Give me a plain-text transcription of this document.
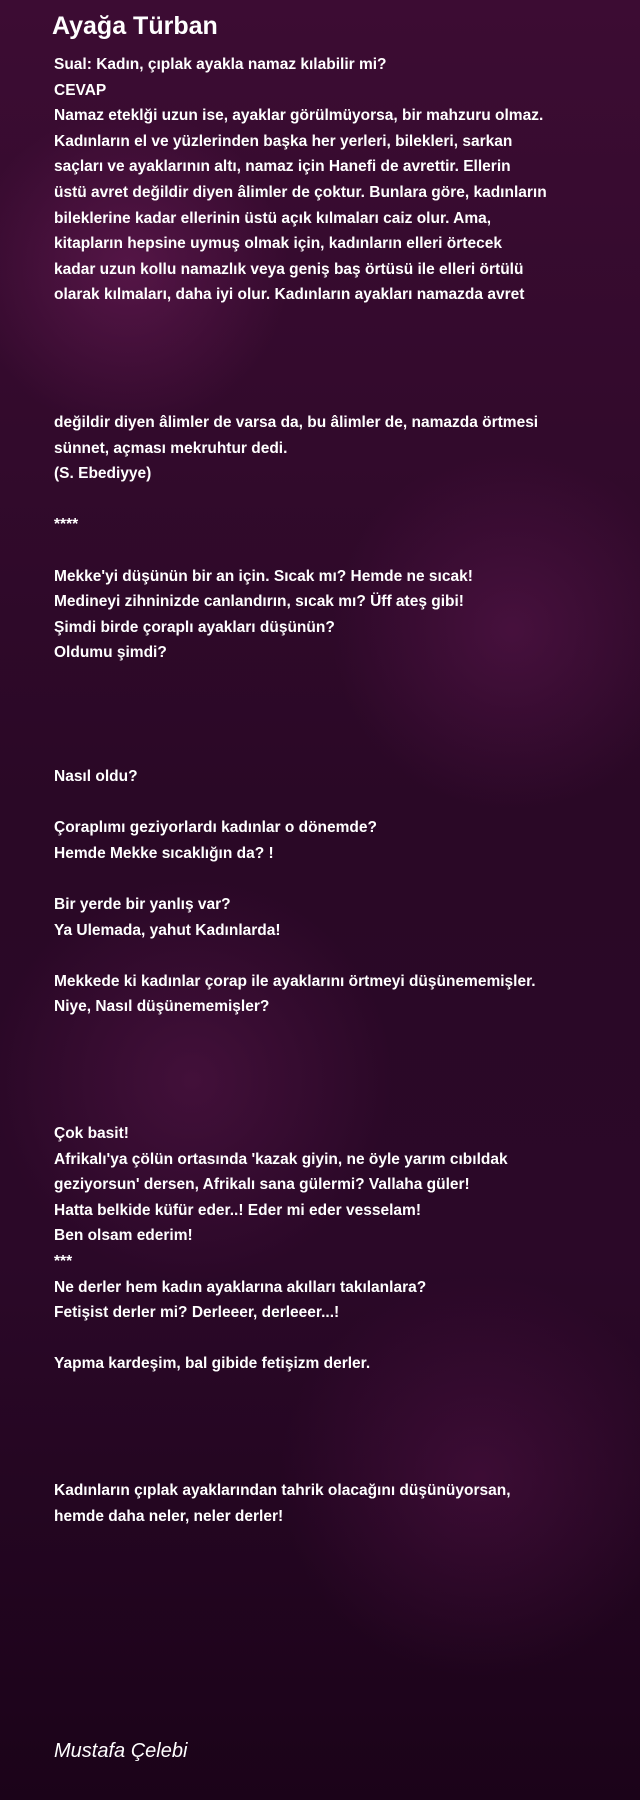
Ayağa Türban

Sual: Kadın, çıplak ayakla namaz kılabilir mi?
CEVAP
Namaz eteklği uzun ise, ayaklar görülmüyorsa, bir mahzuru olmaz.
Kadınların el ve yüzlerinden başka her yerleri, bilekleri, sarkan
saçları ve ayaklarının altı, namaz için Hanefi de avrettir. Ellerin
üstü avret değildir diyen âlimler de çoktur. Bunlara göre, kadınların
bileklerine kadar ellerinin üstü açık kılmaları caiz olur. Ama,
kitapların hepsine uymuş olmak için, kadınların elleri örtecek
kadar uzun kollu namazlık veya geniş baş örtüsü ile elleri örtülü
olarak kılmaları, daha iyi olur. Kadınların ayakları namazda avret

değildir diyen âlimler de varsa da, bu âlimler de, namazda örtmesi
sünnet, açması mekruhtur dedi.
(S. Ebediyye)

****

Mekke'yi düşünün bir an için. Sıcak mı? Hemde ne sıcak!
Medineyi zihninizde canlandırın, sıcak mı? Üff ateş gibi!
Şimdi birde çoraplı ayakları düşünün?
Oldumu şimdi?

Nasıl oldu?

Çoraplımı geziyorlardı kadınlar o dönemde?
Hemde Mekke sıcaklığın da? !

Bir yerde bir yanlış var?
Ya Ulemada, yahut Kadınlarda!

Mekkede ki kadınlar çorap ile ayaklarını örtmeyi düşünememişler.
Niye, Nasıl düşünememişler?

Çok basit!
Afrikalı'ya çölün ortasında 'kazak giyin, ne öyle yarım cıbıldak
geziyorsun' dersen, Afrikalı sana gülermi? Vallaha güler!
Hatta belkide küfür eder..! Eder mi eder vesselam!
Ben olsam ederim!
***
Ne derler hem kadın ayaklarına akılları takılanlara?
Fetişist derler mi? Derleeer, derleeer...!

Yapma kardeşim, bal gibide fetişizm derler.

Kadınların çıplak ayaklarından tahrik olacağını düşünüyorsan,
hemde daha neler, neler derler!

Mustafa Çelebi
